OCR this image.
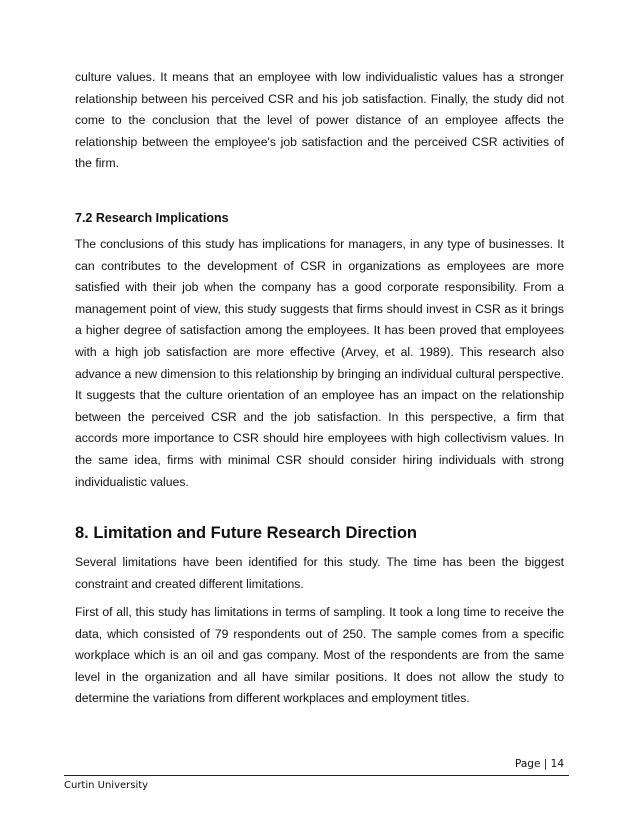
culture values. It means that an employee with low individualistic values has a stronger relationship between his perceived CSR and his job satisfaction. Finally, the study did not come to the conclusion that the level of power distance of an employee affects the relationship between the employee's job satisfaction and the perceived CSR activities of the firm.

7.2 Research Implications

The conclusions of this study has implications for managers, in any type of businesses. It can contributes to the development of CSR in organizations as employees are more satisfied with their job when the company has a good corporate responsibility. From a management point of view, this study suggests that firms should invest in CSR as it brings a higher degree of satisfaction among the employees. It has been proved that employees with a high job satisfaction are more effective (Arvey, et al. 1989). This research also advance a new dimension to this relationship by bringing an individual cultural perspective. It suggests that the culture orientation of an employee has an impact on the relationship between the perceived CSR and the job satisfaction. In this perspective, a firm that accords more importance to CSR should hire employees with high collectivism values. In the same idea, firms with minimal CSR should consider hiring individuals with strong individualistic values.

8. Limitation and Future Research Direction

Several limitations have been identified for this study. The time has been the biggest constraint and created different limitations.

First of all, this study has limitations in terms of sampling. It took a long time to receive the data, which consisted of 79 respondents out of 250. The sample comes from a specific workplace which is an oil and gas company. Most of the respondents are from the same level in the organization and all have similar positions. It does not allow the study to determine the variations from different workplaces and employment titles.

Page | 14
Curtin University
